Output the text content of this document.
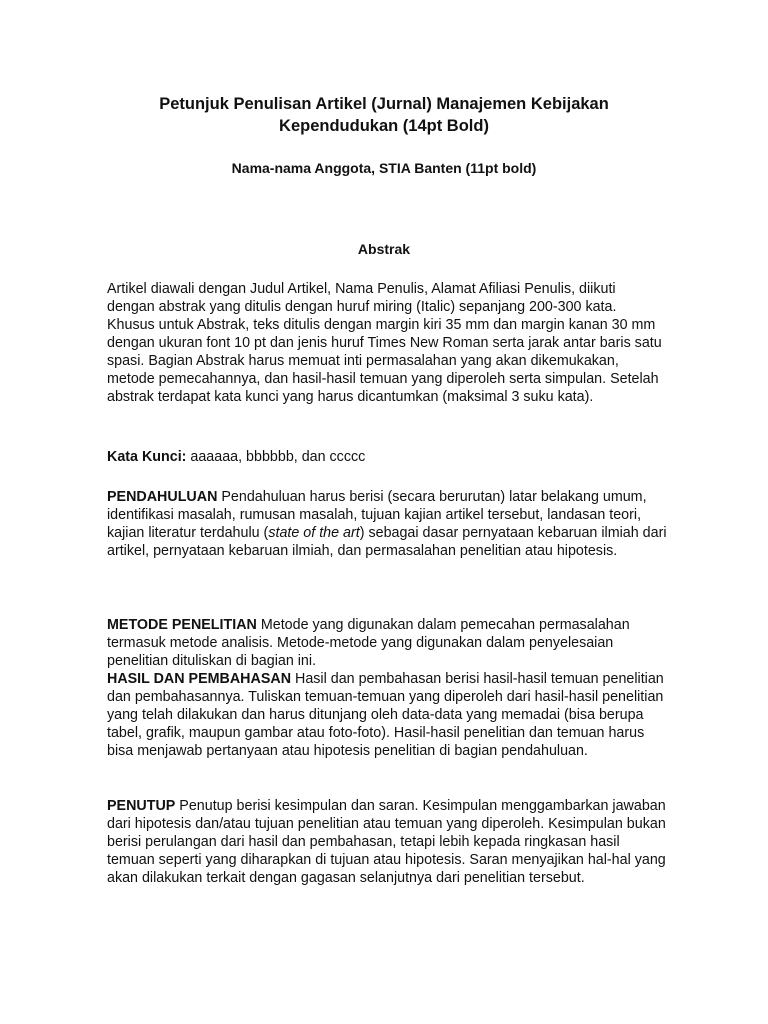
Petunjuk Penulisan Artikel (Jurnal) Manajemen Kebijakan
Kependudukan (14pt Bold)
Nama-nama Anggota, STIA Banten (11pt bold)
Abstrak

Artikel diawali dengan Judul Artikel, Nama Penulis, Alamat Afiliasi Penulis, diikuti dengan abstrak yang ditulis dengan huruf miring (Italic) sepanjang 200-300 kata. Khusus untuk Abstrak, teks ditulis dengan margin kiri 35 mm dan margin kanan 30 mm dengan ukuran font 10 pt dan jenis huruf Times New Roman serta jarak antar baris satu spasi. Bagian Abstrak harus memuat inti permasalahan yang akan dikemukakan, metode pemecahannya, dan hasil-hasil temuan yang diperoleh serta simpulan. Setelah abstrak terdapat kata kunci yang harus dicantumkan (maksimal 3 suku kata).

Kata Kunci: aaaaaa, bbbbbb, dan ccccc

PENDAHULUAN Pendahuluan harus berisi (secara berurutan) latar belakang umum, identifikasi masalah, rumusan masalah, tujuan kajian artikel tersebut, landasan teori, kajian literatur terdahulu (state of the art) sebagai dasar pernyataan kebaruan ilmiah dari artikel, pernyataan kebaruan ilmiah, dan permasalahan penelitian atau hipotesis.

METODE PENELITIAN Metode yang digunakan dalam pemecahan permasalahan termasuk metode analisis. Metode-metode yang digunakan dalam penyelesaian penelitian dituliskan di bagian ini.

HASIL DAN PEMBAHASAN Hasil dan pembahasan berisi hasil-hasil temuan penelitian dan pembahasannya. Tuliskan temuan-temuan yang diperoleh dari hasil-hasil penelitian yang telah dilakukan dan harus ditunjang oleh data-data yang memadai (bisa berupa tabel, grafik, maupun gambar atau foto-foto). Hasil-hasil penelitian dan temuan harus bisa menjawab pertanyaan atau hipotesis penelitian di bagian pendahuluan.

PENUTUP Penutup berisi kesimpulan dan saran. Kesimpulan menggambarkan jawaban dari hipotesis dan/atau tujuan penelitian atau temuan yang diperoleh. Kesimpulan bukan berisi perulangan dari hasil dan pembahasan, tetapi lebih kepada ringkasan hasil temuan seperti yang diharapkan di tujuan atau hipotesis. Saran menyajikan hal-hal yang akan dilakukan terkait dengan gagasan selanjutnya dari penelitian tersebut.
